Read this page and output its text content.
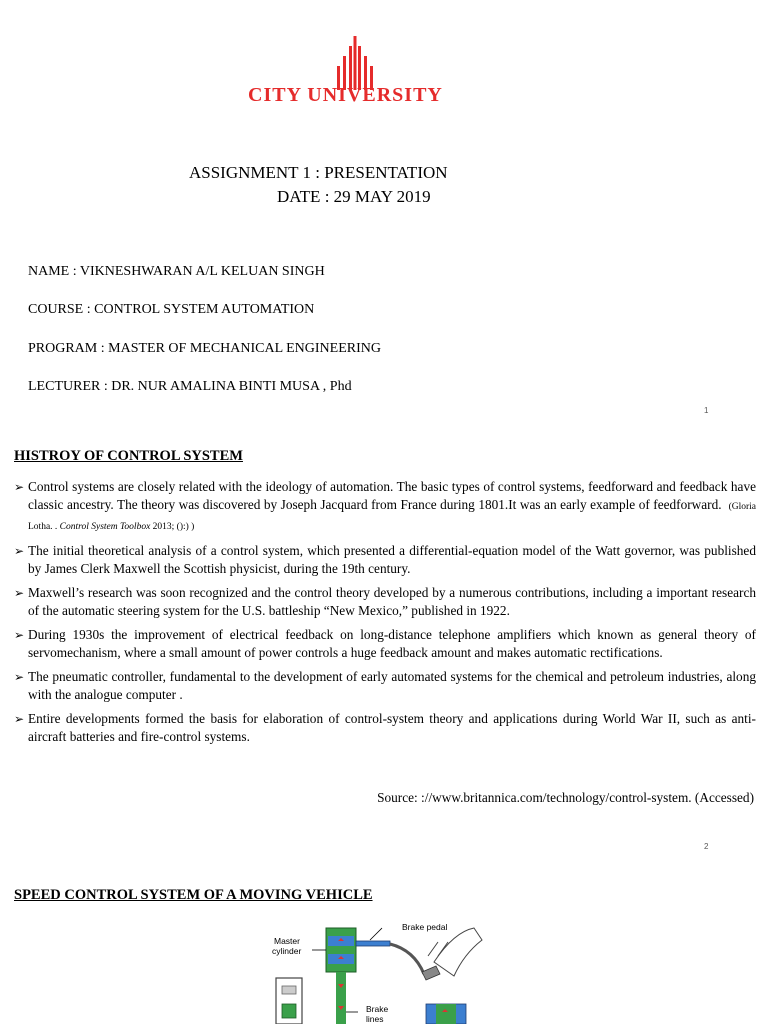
CITY UNIVERSITY
ASSIGNMENT 1 : PRESENTATION
DATE : 29 MAY 2019
NAME : VIKNESHWARAN A/L KELUAN SINGH
COURSE : CONTROL SYSTEM AUTOMATION
PROGRAM : MASTER OF MECHANICAL ENGINEERING
LECTURER : DR. NUR AMALINA BINTI MUSA , Phd
1
HISTROY OF CONTROL SYSTEM
➢ Control systems are closely related with the ideology of automation. The basic types of control systems, feedforward and feedback have classic ancestry. The theory was discovered by Joseph Jacquard from France during 1801.It was an early example of feedforward. (Gloria Lotha. . Control System Toolbox 2013; ():) )
➢ The initial theoretical analysis of a control system, which presented a differential-equation model of the Watt governor, was published by James Clerk Maxwell the Scottish physicist, during the 19th century.
➢ Maxwell’s research was soon recognized and the control theory developed by a numerous contributions, including a important research of the automatic steering system for the U.S. battleship “New Mexico,” published in 1922.
➢ During 1930s the improvement of electrical feedback on long-distance telephone amplifiers which known as general theory of servomechanism, where a small amount of power controls a huge feedback amount and makes automatic rectifications.
➢ The pneumatic controller, fundamental to the development of early automated systems for the chemical and petroleum industries, along with the analogue computer .
➢ Entire developments formed the basis for elaboration of control-system theory and applications during World War II, such as anti-aircraft batteries and fire-control systems.
Source: ://www.britannica.com/technology/control-system. (Accessed)
2
SPEED CONTROL SYSTEM OF A MOVING VEHICLE
Master
cylinder
Brake pedal
Brake
lines
